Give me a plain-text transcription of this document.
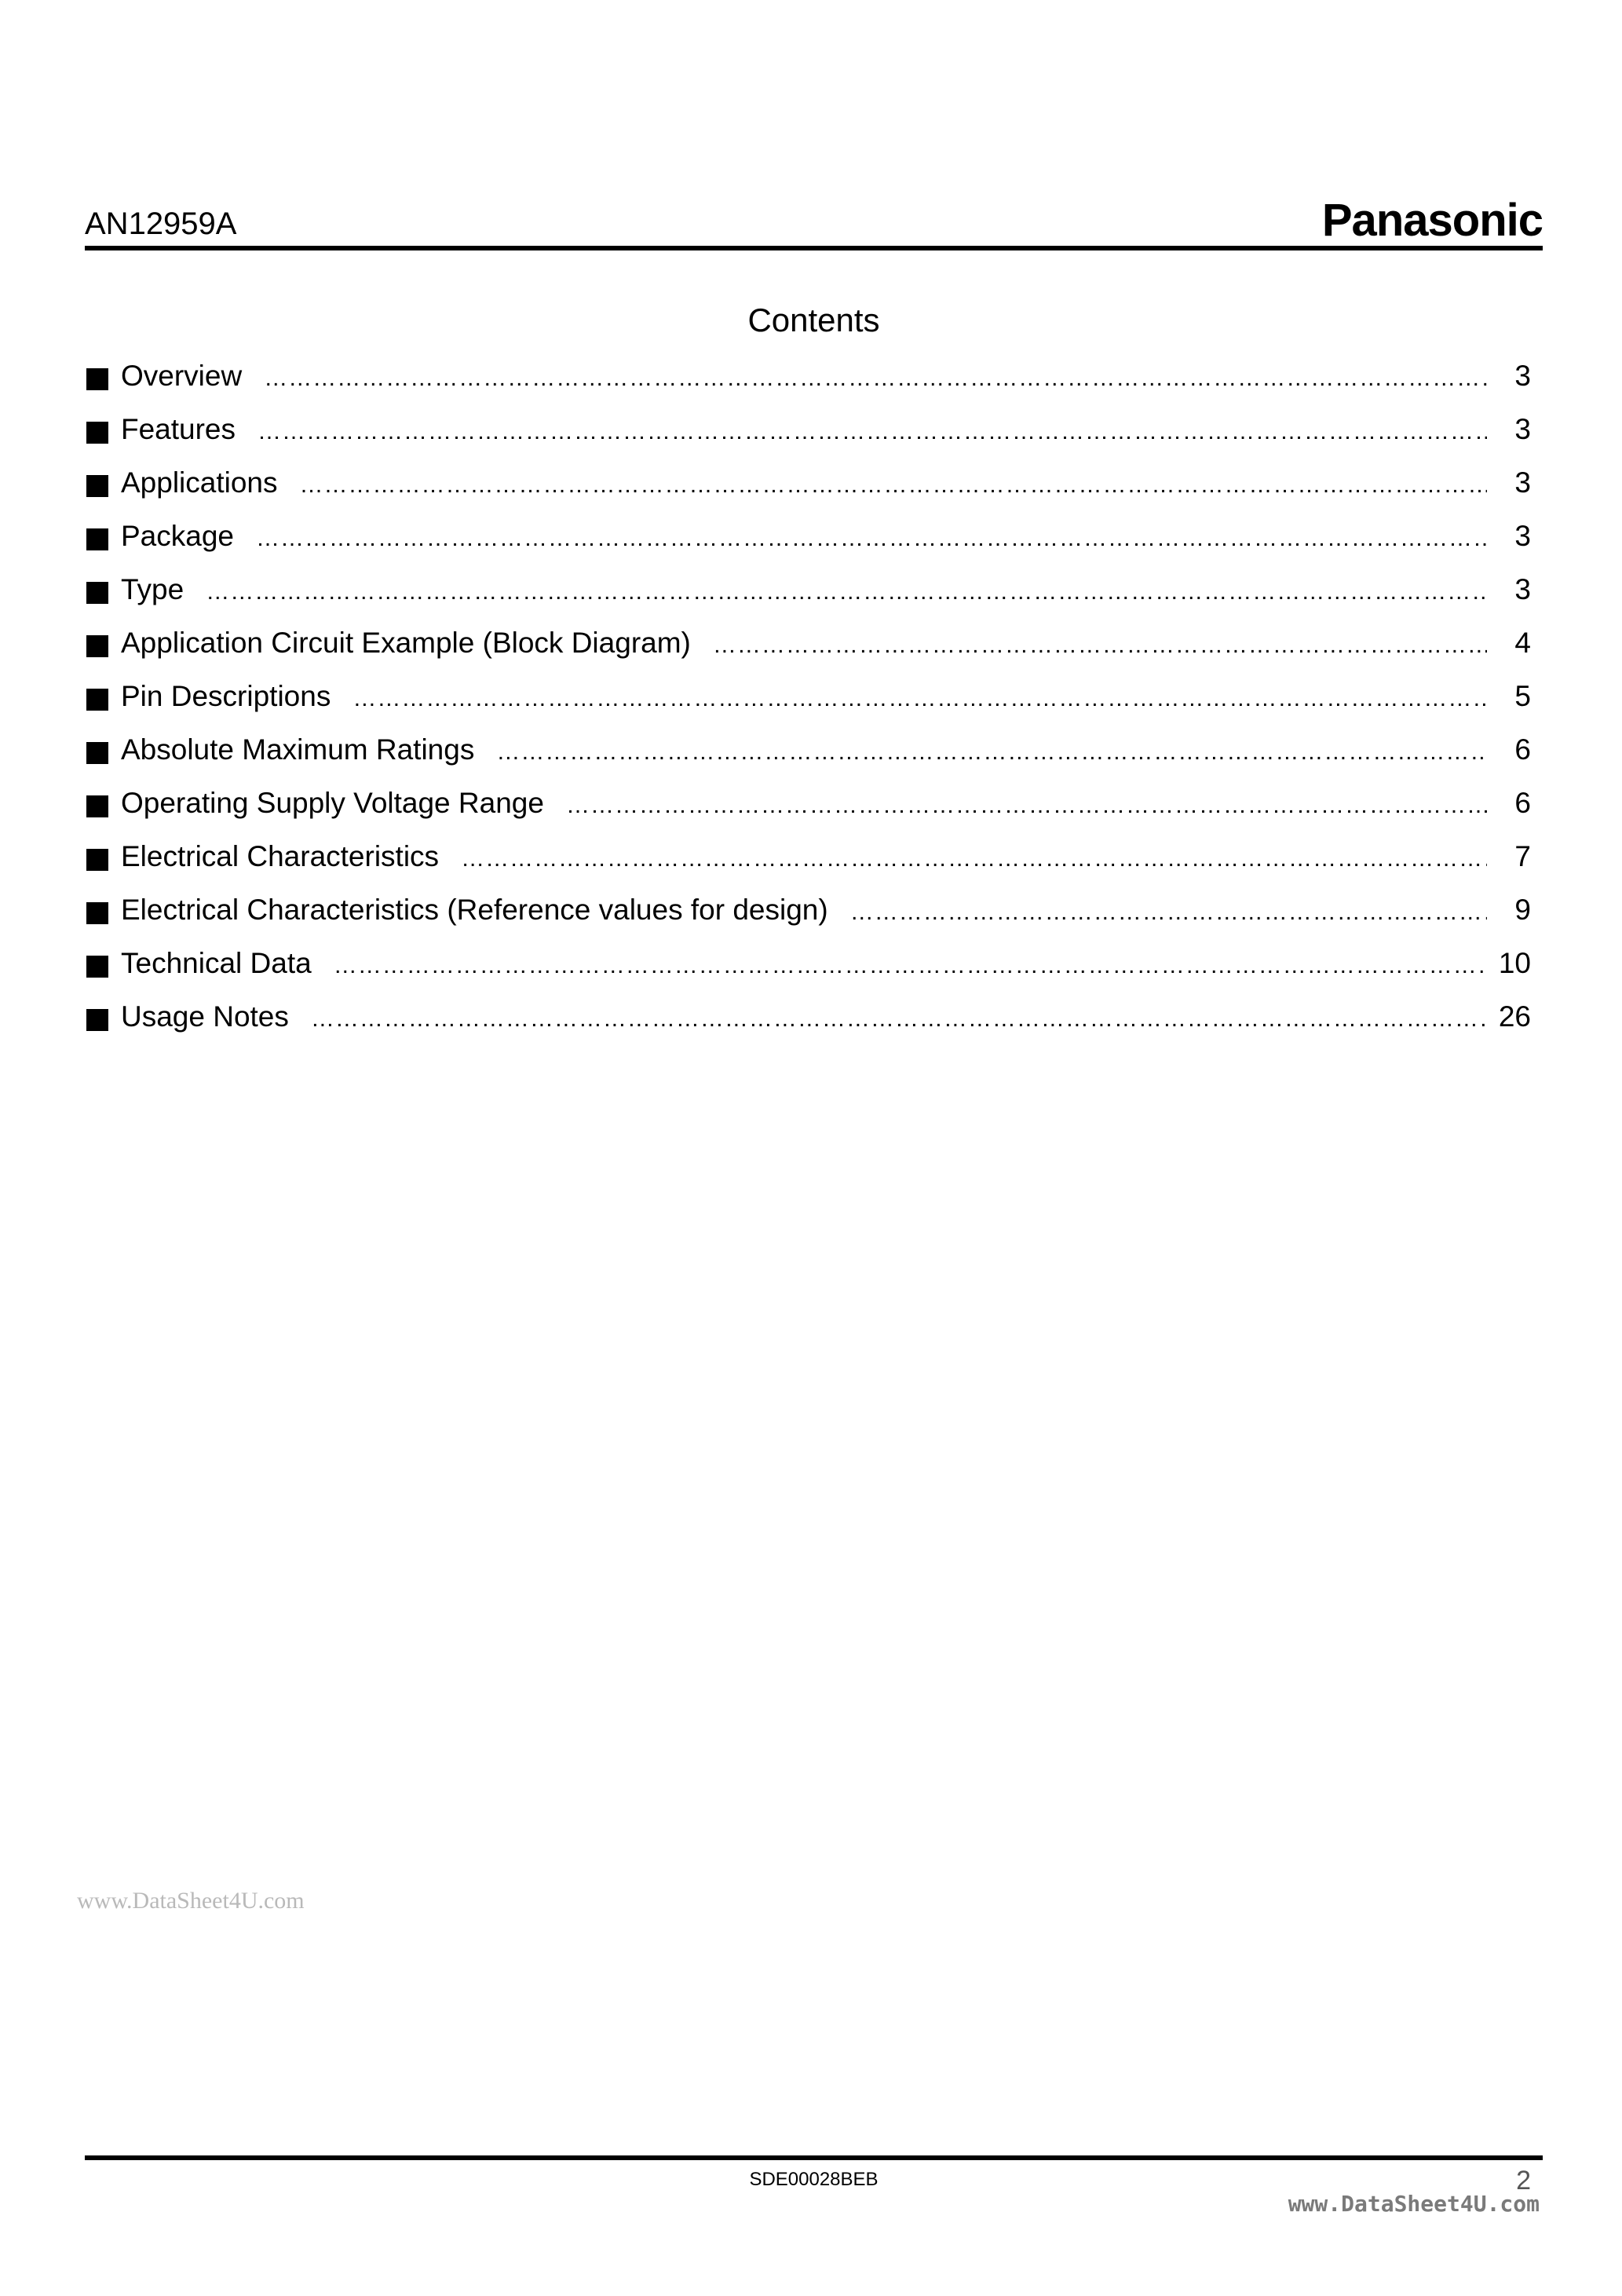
AN12959A	Panasonic
Contents
Overview ………………………………………………………………………………………………………………………………………………………………………………………………………………	3
Features ………………………………………………………………………………………………………………………………………………………………………………………………………………	3
Applications ………………………………………………………………………………………………………………………………………………………………………………………………………………	3
Package ………………………………………………………………………………………………………………………………………………………………………………………………………………	3
Type ………………………………………………………………………………………………………………………………………………………………………………………………………………	3
Application Circuit Example (Block Diagram) ………………………………………………………………………………………………………………………………………………………………………………………………………………	4
Pin Descriptions ………………………………………………………………………………………………………………………………………………………………………………………………………………	5
Absolute Maximum Ratings ………………………………………………………………………………………………………………………………………………………………………………………………………………	6
Operating Supply Voltage Range ………………………………………………………………………………………………………………………………………………………………………………………………………………	6
Electrical Characteristics ………………………………………………………………………………………………………………………………………………………………………………………………………………	7
Electrical Characteristics (Reference values for design) ………………………………………………………………………………………………………………………………………………………………………………………………………………	9
Technical Data ………………………………………………………………………………………………………………………………………………………………………………………………………………	10
Usage Notes ………………………………………………………………………………………………………………………………………………………………………………………………………………	26
www.DataSheet4U.com
SDE00028BEB	2
www.DataSheet4U.com
